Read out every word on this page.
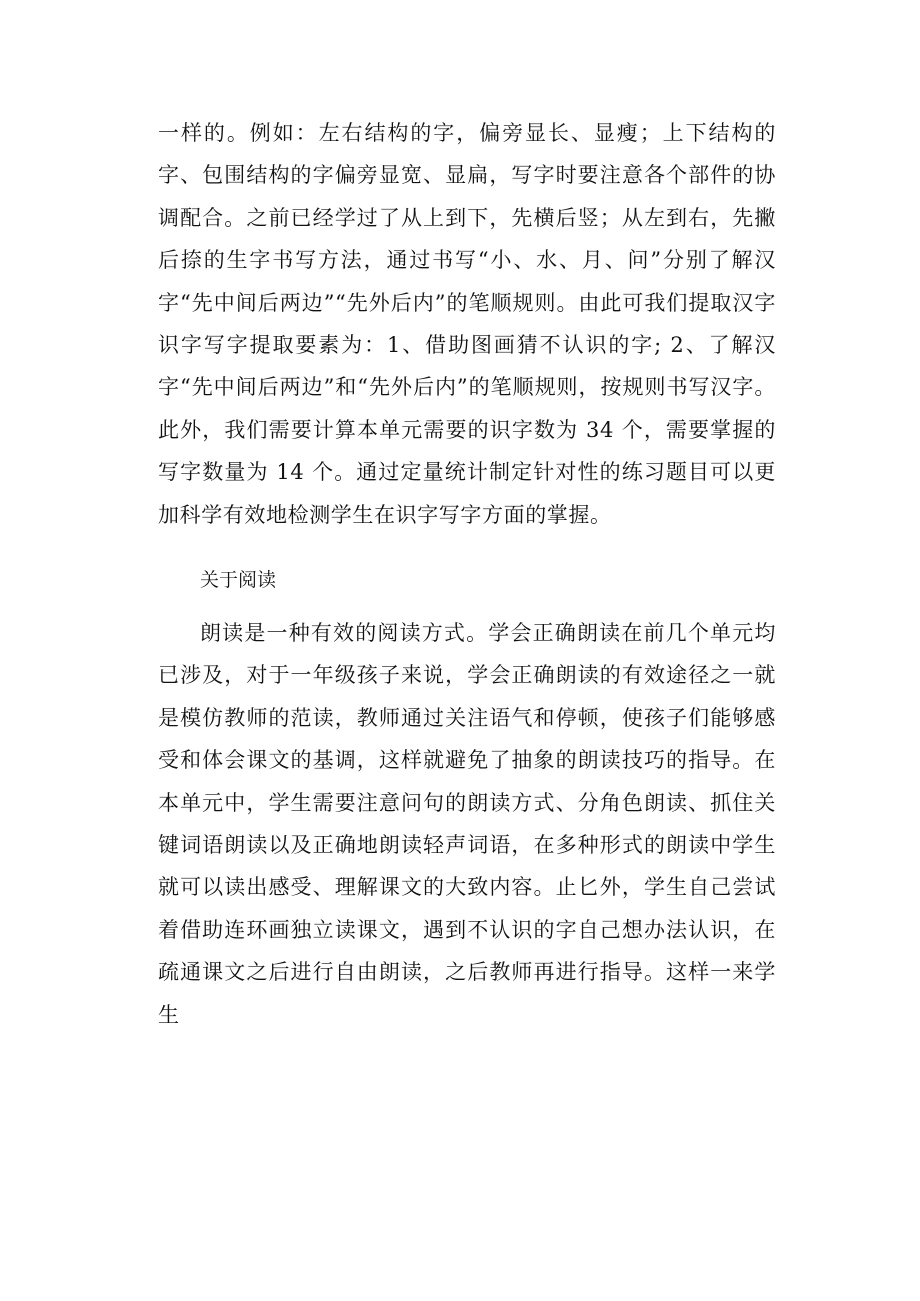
一样的。例如：左右结构的字，偏旁显长、显瘦；上下结构的字、包围结构的字偏旁显宽、显扁，写字时要注意各个部件的协调配合。之前已经学过了从上到下，先横后竖；从左到右，先撇后捺的生字书写方法，通过书写“小、水、月、问”分别了解汉字“先中间后两边”“先外后内”的笔顺规则。由此可我们提取汉字识字写字提取要素为：1、借助图画猜不认识的字; 2、了解汉字“先中间后两边”和“先外后内”的笔顺规则，按规则书写汉字。此外，我们需要计算本单元需要的识字数为 34 个，需要掌握的写字数量为 14 个。通过定量统计制定针对性的练习题目可以更加科学有效地检测学生在识字写字方面的掌握。

关于阅读

朗读是一种有效的阅读方式。学会正确朗读在前几个单元均已涉及，对于一年级孩子来说，学会正确朗读的有效途径之一就是模仿教师的范读，教师通过关注语气和停顿，使孩子们能够感受和体会课文的基调，这样就避免了抽象的朗读技巧的指导。在本单元中，学生需要注意问句的朗读方式、分角色朗读、抓住关键词语朗读以及正确地朗读轻声词语，在多种形式的朗读中学生就可以读出感受、理解课文的大致内容。止匕外，学生自己尝试着借助连环画独立读课文，遇到不认识的字自己想办法认识，在疏通课文之后进行自由朗读，之后教师再进行指导。这样一来学生
